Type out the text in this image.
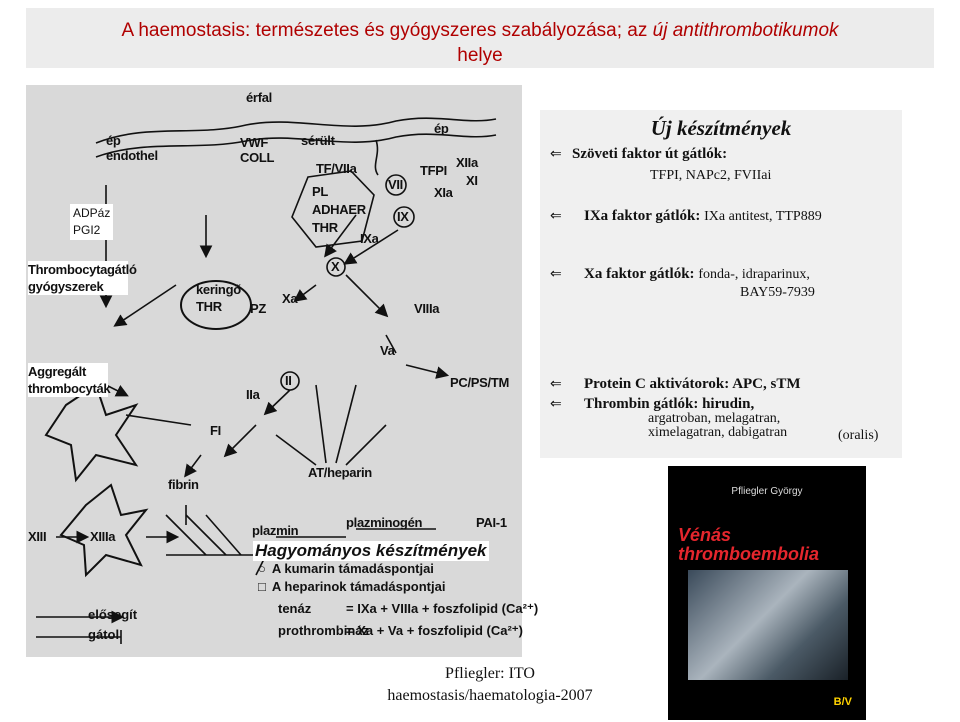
A haemostasis: természetes és gyógyszeres szabályozása; az új antithrombotikumok
helye
érfal
ép endothel
ép
VWF COLL
sérült
TF/VIIa
PL ADHAER THR
TFPI
XIIa
XIa
XI
VII
IX
IXa
X
Thrombocytagátló gyógyszerek	keringő THR	PZ
Xa
VIIIa
Va
Aggregált thrombocyták	PC/PS/TM
IIa
II
FI
AT/heparin
fibrin
XIII	XIIIa	plazmin
plazminogén	PAI-1
ADPáz
PGI2
Hagyományos készítmények
○ A kumarin támadáspontjai
□ A heparinok támadáspontjai
tenáz	= IXa + VIIIa + foszfolipid (Ca²⁺)
prothrombináz
= Xa + Va + foszfolipid (Ca²⁺)
elősegít
gátol
Új készítmények
⇐ Szöveti faktor út gátlók:
TFPI, NAPc2, FVIIai
⇐ IXa faktor gátlók: IXa antitest, TTP889
⇐ Xa faktor gátlók: fonda-, idraparinux,
BAY59-7939
⇐ Protein C aktivátorok: APC, sTM
⇐ Thrombin gátlók: hirudin,
argatroban, melagatran,
ximelagatran, dabigatran	(oralis)
Pfliegler György
Vénás
thromboembolia
B/V
Pfliegler: ITO
haemostasis/haematologia-2007
